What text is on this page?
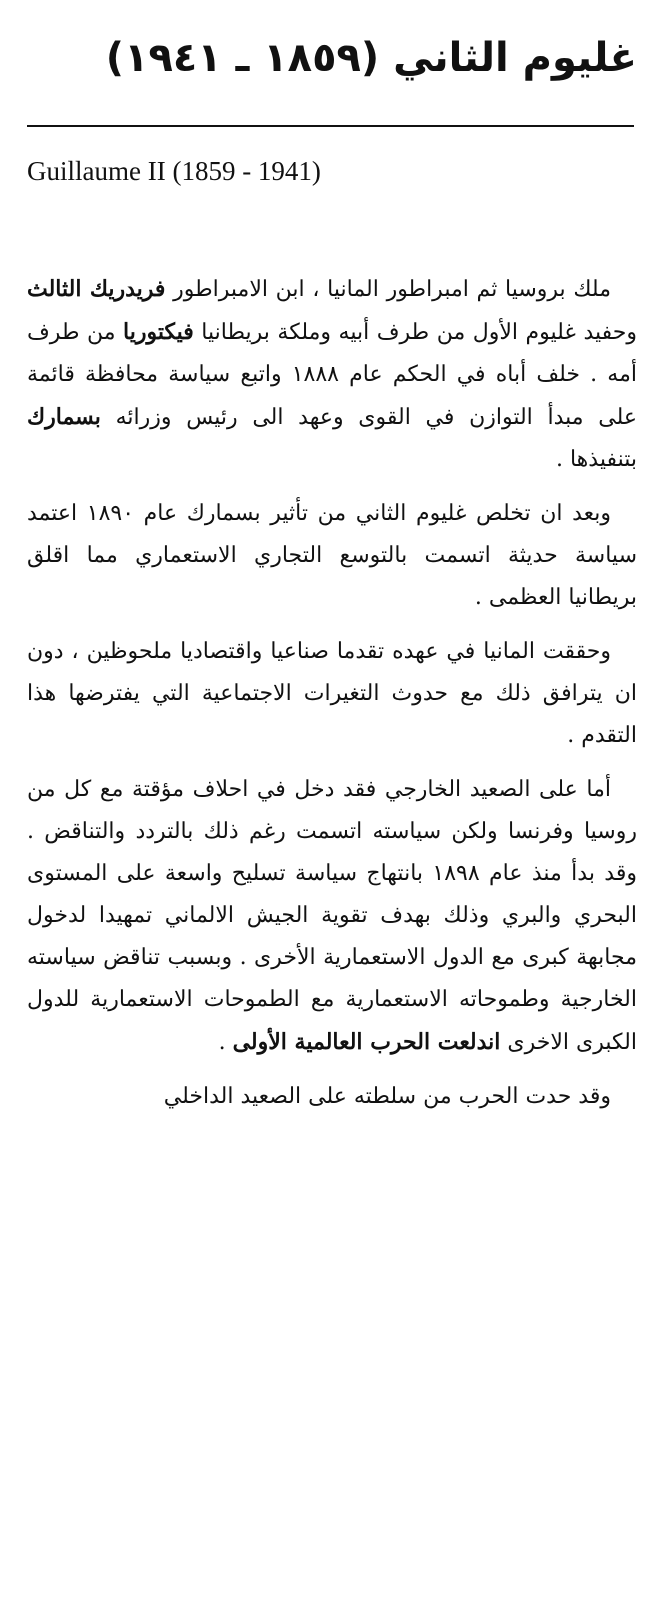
غليوم الثاني (١٨٥٩ ـ ١٩٤١)

Guillaume II (1859 - 1941)

ملك بروسيا ثم امبراطور المانيا ، ابن الامبراطور فريدريك الثالث وحفيد غليوم الأول من طرف أبيه وملكة بريطانيا فيكتوريا من طرف أمه . خلف أباه في الحكم عام ١٨٨٨ واتبع سياسة محافظة قائمة على مبدأ التوازن في القوى وعهد الى رئيس وزرائه بسمارك بتنفيذها .

وبعد ان تخلص غليوم الثاني من تأثير بسمارك عام ١٨٩٠ اعتمد سياسة حديثة اتسمت بالتوسع التجاري الاستعماري مما اقلق بريطانيا العظمى .

وحققت المانيا في عهده تقدما صناعيا واقتصاديا ملحوظين ، دون ان يترافق ذلك مع حدوث التغيرات الاجتماعية التي يفترضها هذا التقدم .

أما على الصعيد الخارجي فقد دخل في احلاف مؤقتة مع كل من روسيا وفرنسا ولكن سياسته اتسمت رغم ذلك بالتردد والتناقض . وقد بدأ منذ عام ١٨٩٨ بانتهاج سياسة تسليح واسعة على المستوى البحري والبري وذلك بهدف تقوية الجيش الالماني تمهيدا لدخول مجابهة كبرى مع الدول الاستعمارية الأخرى . وبسبب تناقض سياسته الخارجية وطموحاته الاستعمارية مع الطموحات الاستعمارية للدول الكبرى الاخرى اندلعت الحرب العالمية الأولى .

وقد حدت الحرب من سلطته على الصعيد الداخلي
